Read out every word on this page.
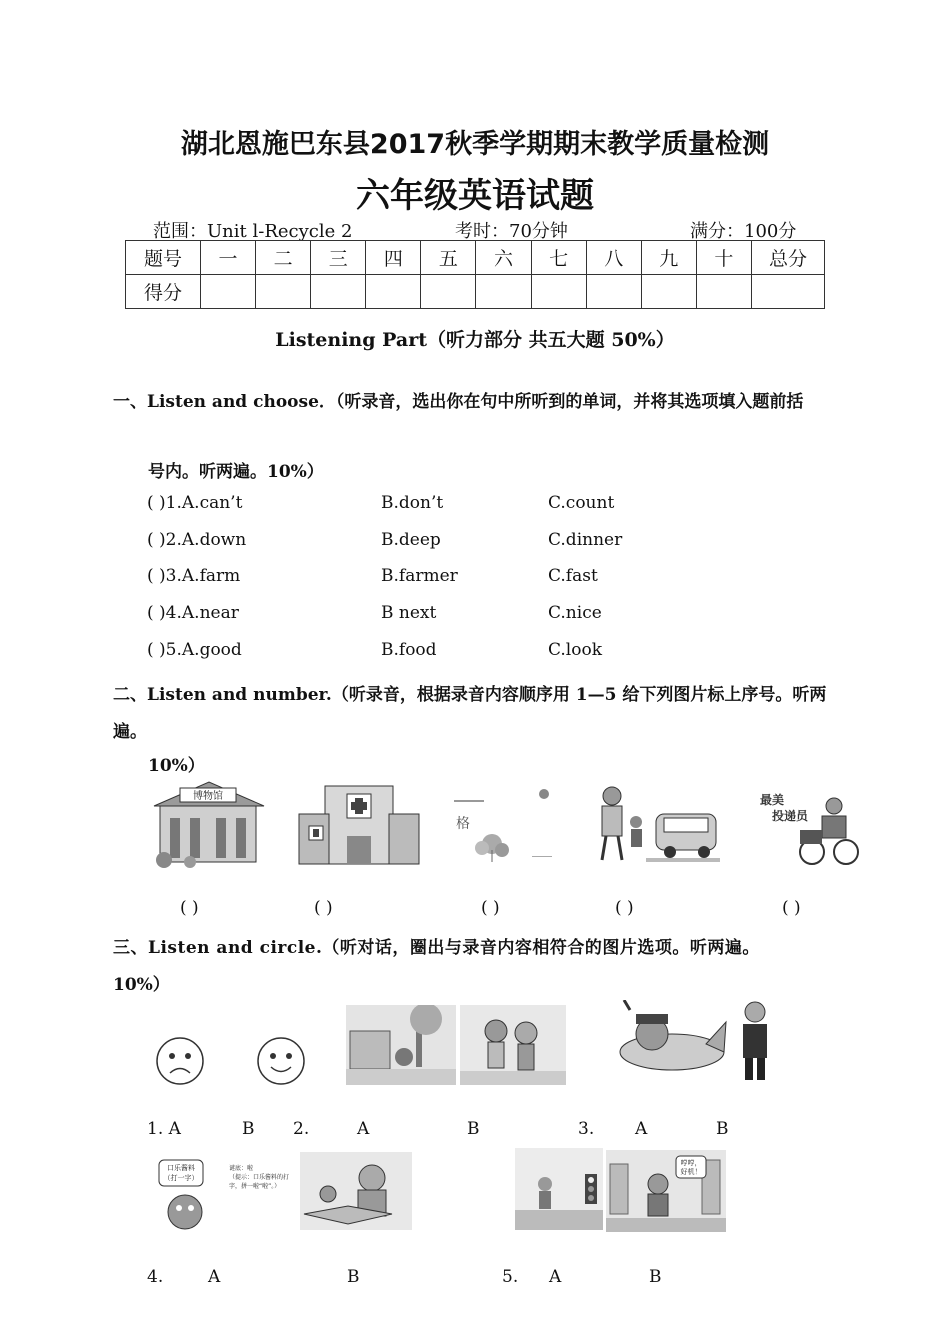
湖北恩施巴东县2017秋季学期期末教学质量检测
六年级英语试题
范围：Unit l-Recycle 2	考时：70分钟	满分：100分
题号	一	二	三	四	五	六	七	八	九	十	总分
得分											
Listening Part（听力部分 共五大题 50%）
一、Listen and choose．（听录音，选出你在句中所听到的单词，并将其选项填入题前括
号内。听两遍。10%）
( )1.A.can’t	B.don’t	C.count
( )2.A.down	B.deep	C.dinner
( )3.A.farm	B.farmer	C.fast
( )4.A.near	B next	C.nice
( )5.A.good	B.food	C.look
二、Listen and number.（听录音，根据录音内容顺序用 1—5 给下列图片标上序号。听两遍。
10%）
博物馆
格
最美
投递员
( )	( )	( )	( )	( )
三、Listen and circle.（听对话，圈出与录音内容相符合的图片选项。听两遍。
10%）
1. A	B 2.	A	B	3. A	B
口乐酱料
（打一字）
谜底：啦
（提示：口乐酱料的打
字，拼一啦“啦”。）
哼哼，
好机！
4.	A	B	5. A	B
